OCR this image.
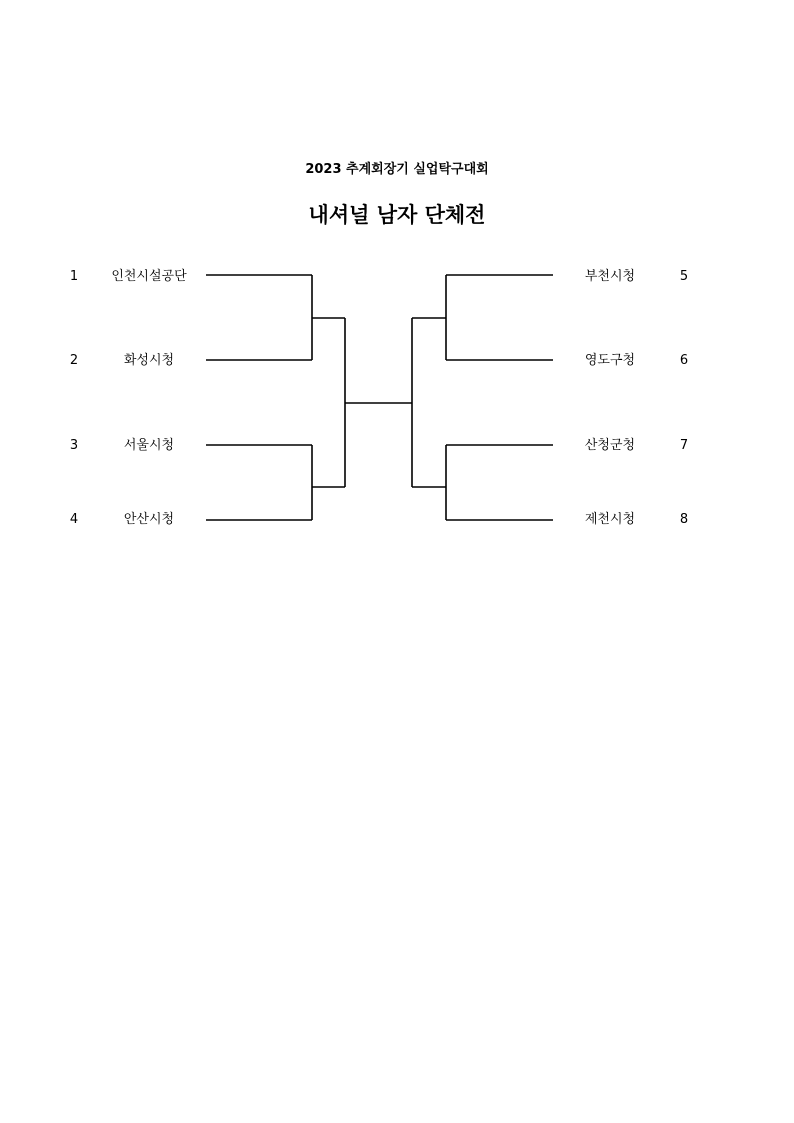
2023 추계회장기 실업탁구대회
내셔널 남자 단체전
1	인천시설공단
2	화성시청
3	서울시청
4	안산시청
부천시청	5
영도구청	6
산청군청	7
제천시청	8
